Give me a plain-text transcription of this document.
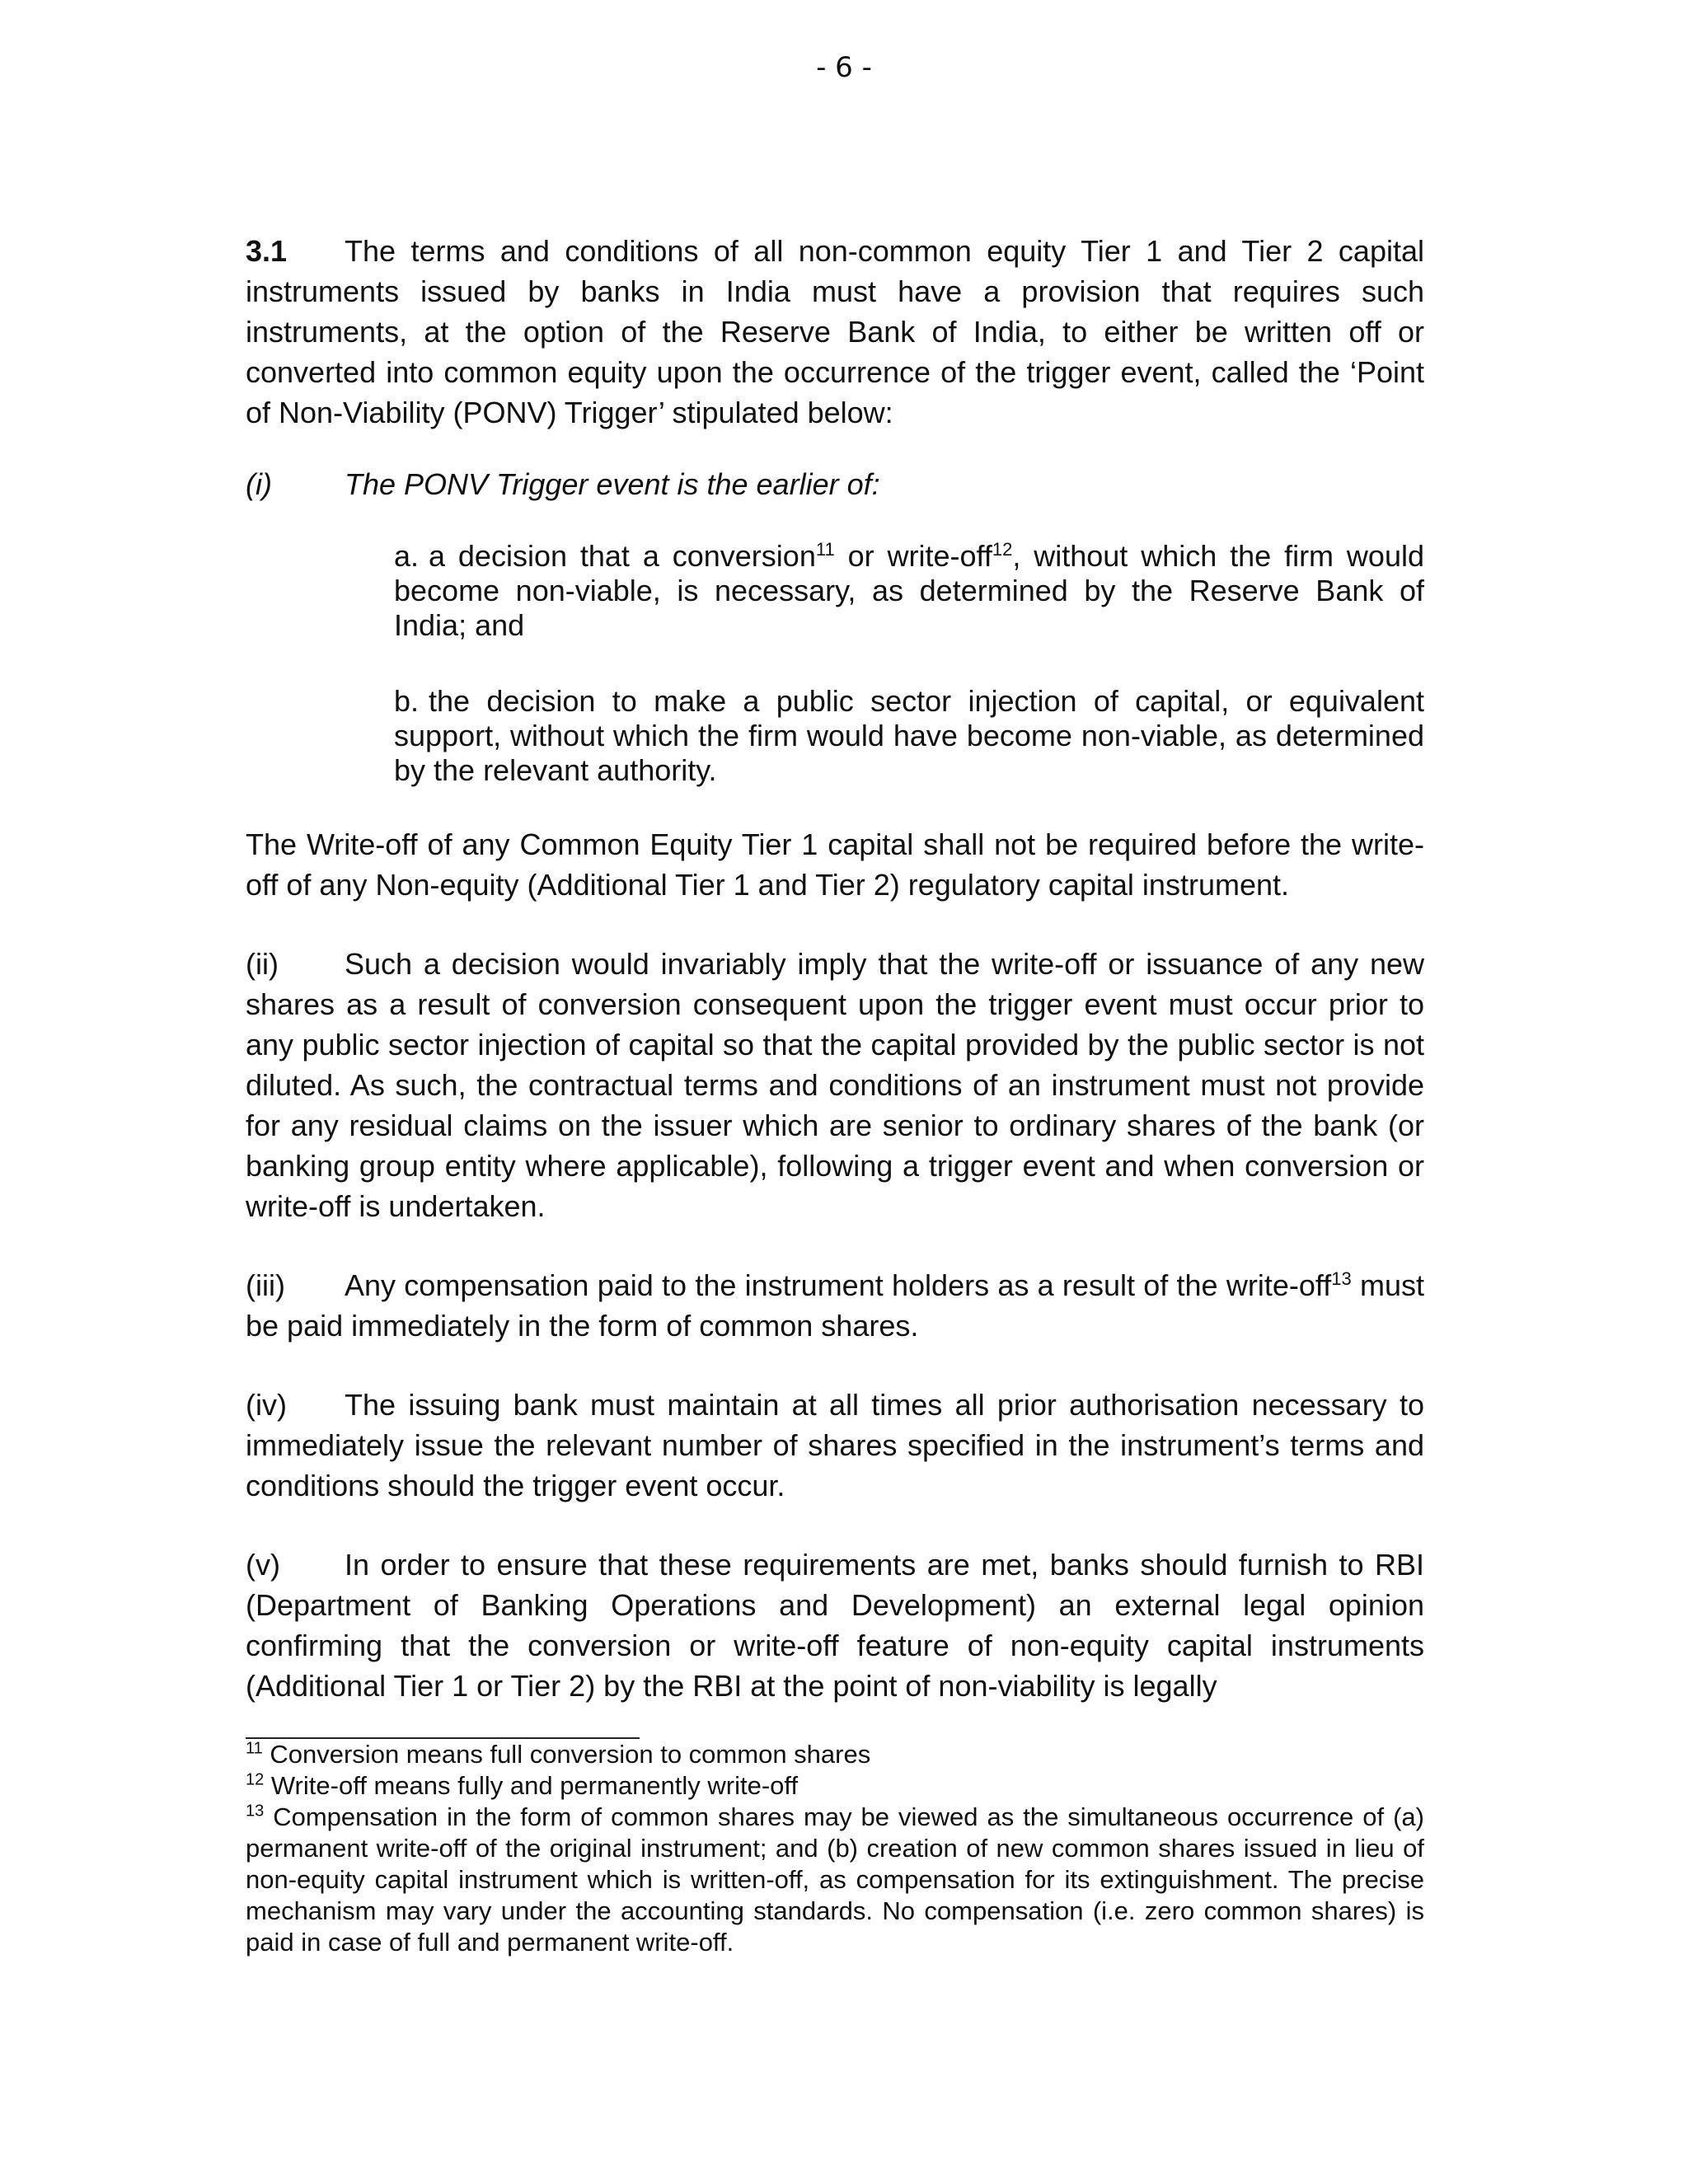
- 6 -

3.1 The terms and conditions of all non-common equity Tier 1 and Tier 2 capital instruments issued by banks in India must have a provision that requires such instruments, at the option of the Reserve Bank of India, to either be written off or converted into common equity upon the occurrence of the trigger event, called the ‘Point of Non-Viability (PONV) Trigger’ stipulated below:

(i) The PONV Trigger event is the earlier of:

a. a decision that a conversion$^{11}$ or write-off$^{12}$, without which the firm would become non-viable, is necessary, as determined by the Reserve Bank of India; and

b. the decision to make a public sector injection of capital, or equivalent support, without which the firm would have become non-viable, as determined by the relevant authority.

The Write-off of any Common Equity Tier 1 capital shall not be required before the write-off of any Non-equity (Additional Tier 1 and Tier 2) regulatory capital instrument.

(ii) Such a decision would invariably imply that the write-off or issuance of any new shares as a result of conversion consequent upon the trigger event must occur prior to any public sector injection of capital so that the capital provided by the public sector is not diluted. As such, the contractual terms and conditions of an instrument must not provide for any residual claims on the issuer which are senior to ordinary shares of the bank (or banking group entity where applicable), following a trigger event and when conversion or write-off is undertaken.

(iii) Any compensation paid to the instrument holders as a result of the write-off$^{13}$ must be paid immediately in the form of common shares.

(iv) The issuing bank must maintain at all times all prior authorisation necessary to immediately issue the relevant number of shares specified in the instrument’s terms and conditions should the trigger event occur.

(v) In order to ensure that these requirements are met, banks should furnish to RBI (Department of Banking Operations and Development) an external legal opinion confirming that the conversion or write-off feature of non-equity capital instruments (Additional Tier 1 or Tier 2) by the RBI at the point of non-viability is legally

$^{11}$ Conversion means full conversion to common shares

$^{12}$ Write-off means fully and permanently write-off

$^{13}$ Compensation in the form of common shares may be viewed as the simultaneous occurrence of (a) permanent write-off of the original instrument; and (b) creation of new common shares issued in lieu of non-equity capital instrument which is written-off, as compensation for its extinguishment. The precise mechanism may vary under the accounting standards. No compensation (i.e. zero common shares) is paid in case of full and permanent write-off.
